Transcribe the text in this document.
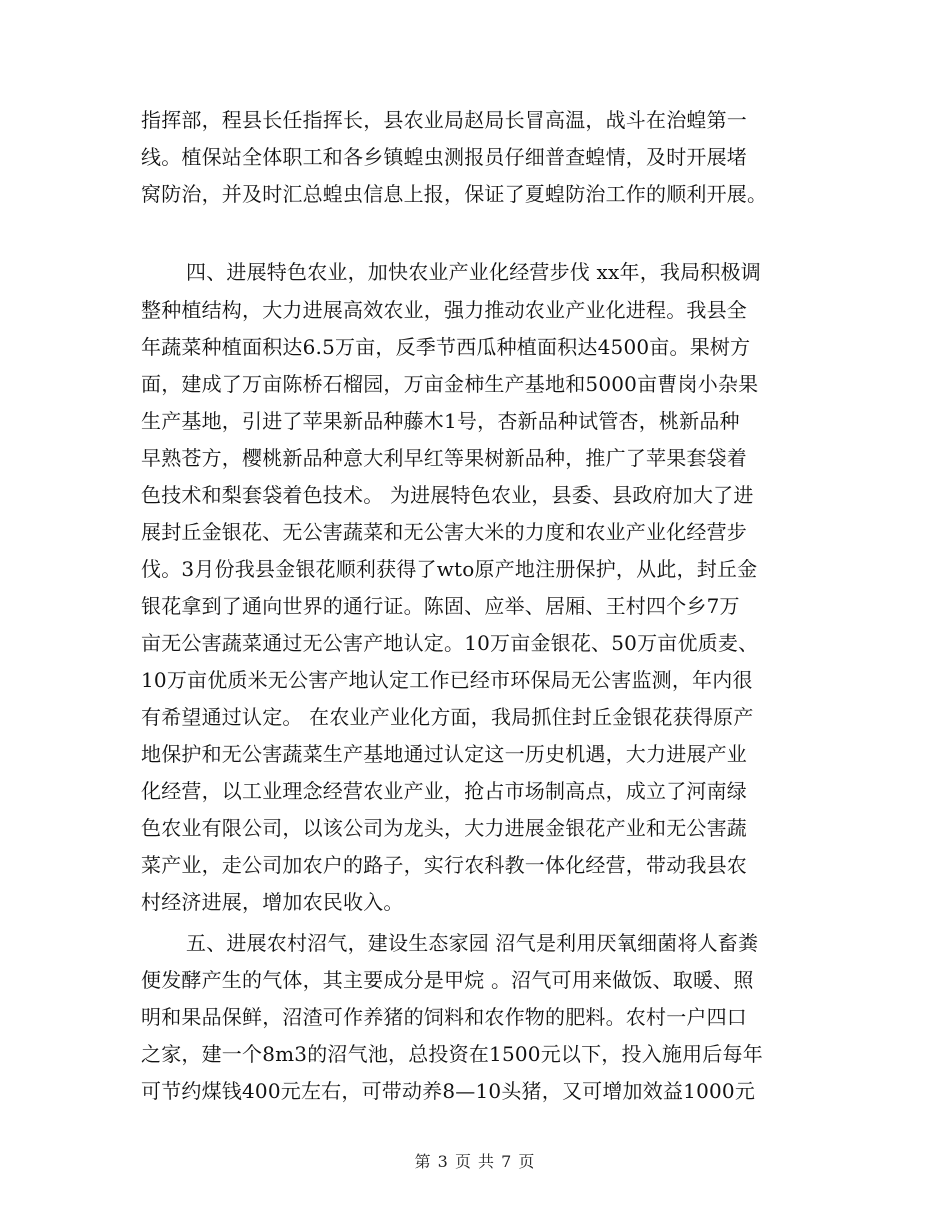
指挥部，程县长任指挥长，县农业局赵局长冒高温，战斗在治蝗第一
线。植保站全体职工和各乡镇蝗虫测报员仔细普查蝗情，及时开展堵
窝防治，并及时汇总蝗虫信息上报，保证了夏蝗防治工作的顺利开展。
四、进展特色农业，加快农业产业化经营步伐 xx年，我局积极调
整种植结构，大力进展高效农业，强力推动农业产业化进程。我县全
年蔬菜种植面积达6.5万亩，反季节西瓜种植面积达4500亩。果树方
面，建成了万亩陈桥石榴园，万亩金柿生产基地和5000亩曹岗小杂果
生产基地，引进了苹果新品种藤木1号，杏新品种试管杏，桃新品种
早熟苍方，樱桃新品种意大利早红等果树新品种，推广了苹果套袋着
色技术和梨套袋着色技术。 为进展特色农业，县委、县政府加大了进
展封丘金银花、无公害蔬菜和无公害大米的力度和农业产业化经营步
伐。3月份我县金银花顺利获得了wto原产地注册保护，从此，封丘金
银花拿到了通向世界的通行证。陈固、应举、居厢、王村四个乡7万
亩无公害蔬菜通过无公害产地认定。10万亩金银花、50万亩优质麦、
10万亩优质米无公害产地认定工作已经市环保局无公害监测，年内很
有希望通过认定。 在农业产业化方面，我局抓住封丘金银花获得原产
地保护和无公害蔬菜生产基地通过认定这一历史机遇，大力进展产业
化经营，以工业理念经营农业产业，抢占市场制高点，成立了河南绿
色农业有限公司，以该公司为龙头，大力进展金银花产业和无公害蔬
菜产业，走公司加农户的路子，实行农科教一体化经营，带动我县农
村经济进展，增加农民收入。
五、进展农村沼气，建设生态家园 沼气是利用厌氧细菌将人畜粪
便发酵产生的气体，其主要成分是甲烷 。沼气可用来做饭、取暖、照
明和果品保鲜，沼渣可作养猪的饲料和农作物的肥料。农村一户四口
之家，建一个8m3的沼气池，总投资在1500元以下，投入施用后每年
可节约煤钱400元左右，可带动养8—10头猪，又可增加效益1000元
第 3 页 共 7 页
